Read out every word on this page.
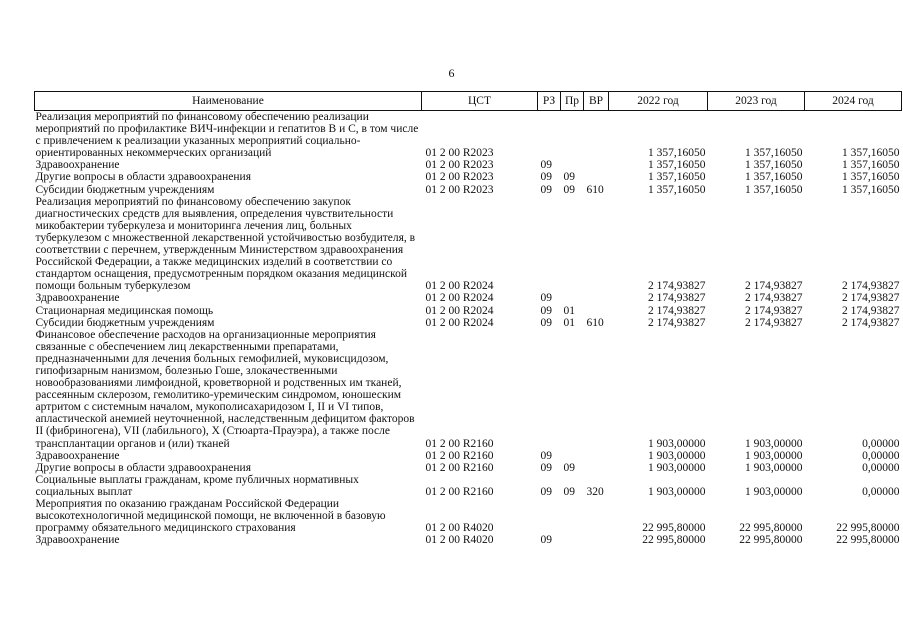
6
Наименование	ЦСТ	РЗ	Пр	ВР	2022 год	2023 год	2024 год
Реализация мероприятий по финансовому обеспечению реализации мероприятий по профилактике ВИЧ-инфекции и гепатитов В и С, в том числе с привлечением к реализации указанных мероприятий социально-ориентированных некоммерческих организаций	01 2 00 R2023				1 357,16050	1 357,16050	1 357,16050
Здравоохранение	01 2 00 R2023	09			1 357,16050	1 357,16050	1 357,16050
Другие вопросы в области здравоохранения	01 2 00 R2023	09	09		1 357,16050	1 357,16050	1 357,16050
Субсидии бюджетным учреждениям	01 2 00 R2023	09	09	610	1 357,16050	1 357,16050	1 357,16050
Реализация мероприятий по финансовому обеспечению закупок диагностических средств для выявления, определения чувствительности микобактерии туберкулеза и мониторинга лечения лиц, больных туберкулезом с множественной лекарственной устойчивостью возбудителя, в соответствии с перечнем, утвержденным Министерством здравоохранения Российской Федерации, а также медицинских изделий в соответствии со стандартом оснащения, предусмотренным порядком оказания медицинской помощи больным туберкулезом	01 2 00 R2024				2 174,93827	2 174,93827	2 174,93827
Здравоохранение	01 2 00 R2024	09			2 174,93827	2 174,93827	2 174,93827
Стационарная медицинская помощь	01 2 00 R2024	09	01		2 174,93827	2 174,93827	2 174,93827
Субсидии бюджетным учреждениям	01 2 00 R2024	09	01	610	2 174,93827	2 174,93827	2 174,93827
Финансовое обеспечение расходов на организационные мероприятия связанные с обеспечением лиц лекарственными препаратами, предназначенными для лечения больных гемофилией, муковисцидозом, гипофизарным нанизмом, болезнью Гоше, злокачественными новообразованиями лимфоидной, кроветворной и родственных им тканей, рассеянным склерозом, гемолитико-уремическим синдромом, юношеским артритом с системным началом, мукополисахаридозом I, II и VI типов, апластической анемией неуточненной, наследственным дефицитом факторов II (фибриногена), VII (лабильного), X (Стюарта-Прауэра), а также после трансплантации органов и (или) тканей	01 2 00 R2160				1 903,00000	1 903,00000	0,00000
Здравоохранение	01 2 00 R2160	09			1 903,00000	1 903,00000	0,00000
Другие вопросы в области здравоохранения	01 2 00 R2160	09	09		1 903,00000	1 903,00000	0,00000
Социальные выплаты гражданам, кроме публичных нормативных социальных выплат	01 2 00 R2160	09	09	320	1 903,00000	1 903,00000	0,00000
Мероприятия по оказанию гражданам Российской Федерации высокотехнологичной медицинской помощи, не включенной в базовую программу обязательного медицинского страхования	01 2 00 R4020				22 995,80000	22 995,80000	22 995,80000
Здравоохранение	01 2 00 R4020	09			22 995,80000	22 995,80000	22 995,80000
